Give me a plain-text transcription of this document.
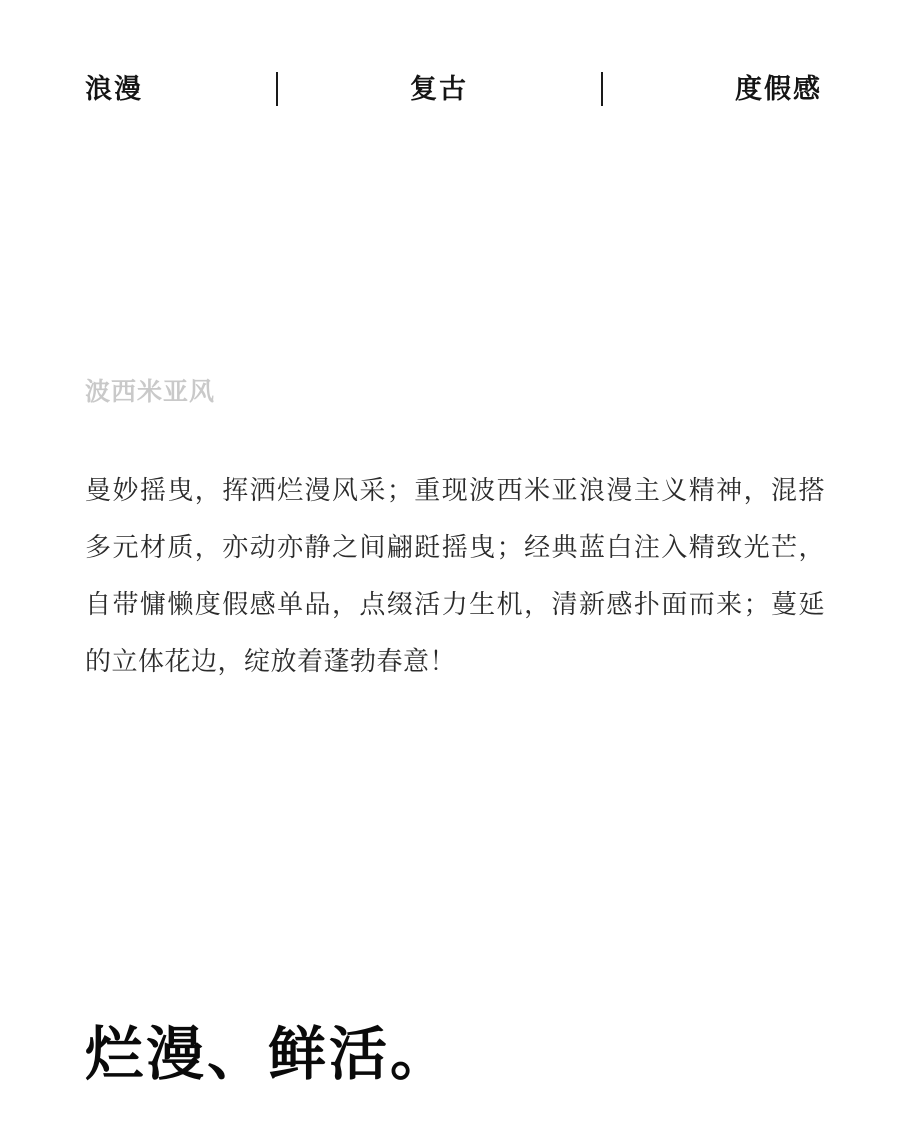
浪漫	复古	度假感
波西米亚风
曼妙摇曳，挥洒烂漫风采；重现波西米亚浪漫主义精神，混搭多元材质，亦动亦静之间翩跹摇曳；经典蓝白注入精致光芒，自带慵懒度假感单品，点缀活力生机，清新感扑面而来；蔓延的立体花边，绽放着蓬勃春意！
烂漫、鲜活。
